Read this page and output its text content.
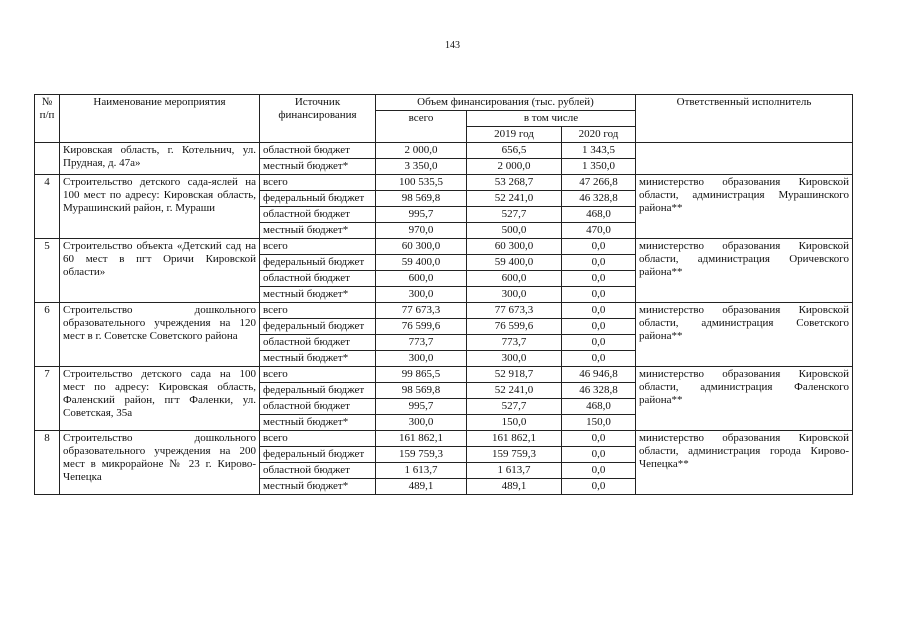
143
№ п/п	Наименование мероприятия	Источник финансирования	Объем финансирования (тыс. рублей)			Ответственный исполнитель
			всего	в том числе		
				2019 год	2020 год	
	Кировская область, г. Котельнич, ул. Прудная, д. 47а»	областной бюджет	2 000,0	656,5	1 343,5	
		местный бюджет*	3 350,0	2 000,0	1 350,0	
4	Строительство детского сада-яслей на 100 мест по адресу: Кировская область, Мурашинский район, г. Мураши	всего	100 535,5	53 268,7	47 266,8	министерство образования Кировской области, администрация Мурашинского района**
		федеральный бюджет	98 569,8	52 241,0	46 328,8	
		областной бюджет	995,7	527,7	468,0	
		местный бюджет*	970,0	500,0	470,0	
5	Строительство объекта «Детский сад на 60 мест в пгт Оричи Кировской области»	всего	60 300,0	60 300,0	0,0	министерство образования Кировской области, администрация Оричевского района**
		федеральный бюджет	59 400,0	59 400,0	0,0	
		областной бюджет	600,0	600,0	0,0	
		местный бюджет*	300,0	300,0	0,0	
6	Строительство дошкольного образовательного учреждения на 120 мест в г. Советске Советского района	всего	77 673,3	77 673,3	0,0	министерство образования Кировской области, администрация Советского района**
		федеральный бюджет	76 599,6	76 599,6	0,0	
		областной бюджет	773,7	773,7	0,0	
		местный бюджет*	300,0	300,0	0,0	
7	Строительство детского сада на 100 мест по адресу: Кировская область, Фаленский район, пгт Фаленки, ул. Советская, 35а	всего	99 865,5	52 918,7	46 946,8	министерство образования Кировской области, администрация Фаленского района**
		федеральный бюджет	98 569,8	52 241,0	46 328,8	
		областной бюджет	995,7	527,7	468,0	
		местный бюджет*	300,0	150,0	150,0	
8	Строительство дошкольного образовательного учреждения на 200 мест в микрорайоне № 23 г. Кирово-Чепецка	всего	161 862,1	161 862,1	0,0	министерство образования Кировской области, администрация города Кирово-Чепецка**
		федеральный бюджет	159 759,3	159 759,3	0,0	
		областной бюджет	1 613,7	1 613,7	0,0	
		местный бюджет*	489,1	489,1	0,0	
